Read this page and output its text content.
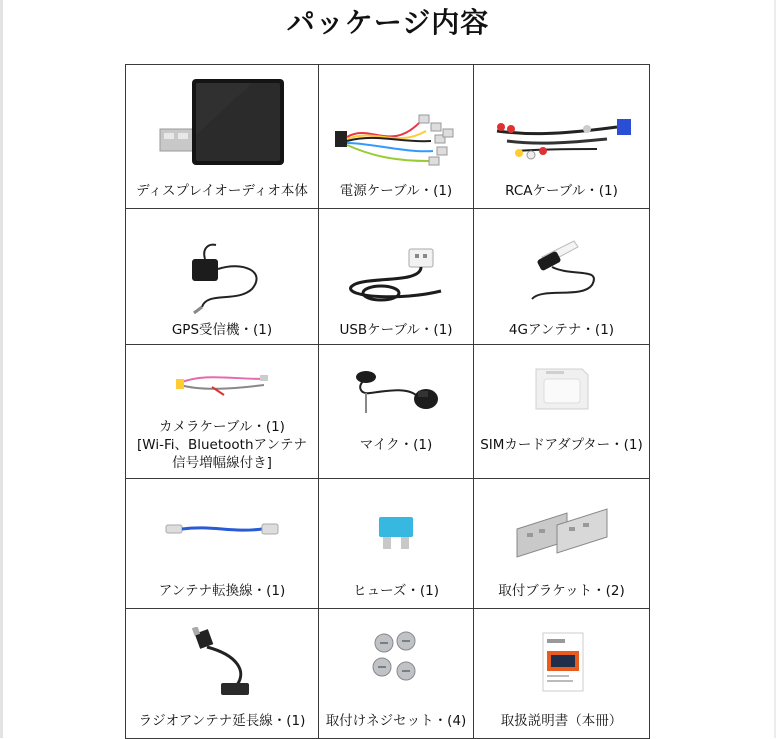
パッケージ内容
ディスプレイオーディオ本体	電源ケーブル・(1)	RCAケーブル・(1)

GPS受信機・(1)	USBケーブル・(1)	4Gアンテナ・(1)

カメラケーブル・(1)
[Wi-Fi、Bluetoothアンテナ
信号増幅線付き]	マイク・(1)	SIMカードアダプター・(1)

アンテナ転換線・(1)	ヒューズ・(1)	取付ブラケット・(2)

ラジオアンテナ延長線・(1)	取付けネジセット・(4)	取扱説明書（本冊）
